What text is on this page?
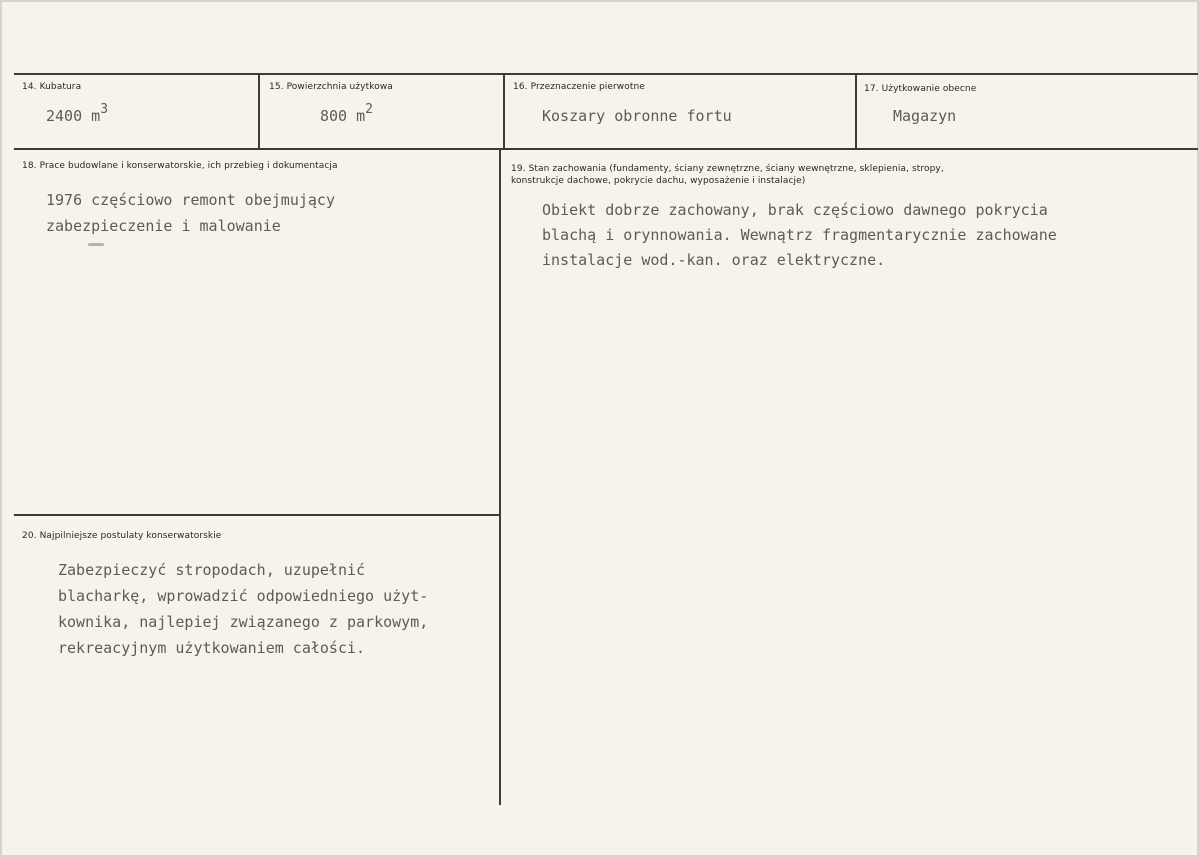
14. Kubatura
2400 m3
15. Powierzchnia użytkowa
800 m2
16. Przeznaczenie pierwotne
Koszary obronne fortu
17. Użytkowanie obecne
Magazyn
18. Prace budowlane i konserwatorskie, ich przebieg i dokumentacja
1976 częściowo remont obejmujący
zabezpieczenie i malowanie
19. Stan zachowania (fundamenty, ściany zewnętrzne, ściany wewnętrzne, sklepienia, stropy,
konstrukcje dachowe, pokrycie dachu, wyposażenie i instalacje)
Obiekt dobrze zachowany, brak częściowo dawnego pokrycia
blachą i orynnowania. Wewnątrz fragmentarycznie zachowane
instalacje wod.-kan. oraz elektryczne.
20. Najpilniejsze postulaty konserwatorskie
Zabezpieczyć stropodach, uzupełnić
blacharkę, wprowadzić odpowiedniego użyt-
kownika, najlepiej związanego z parkowym,
rekreacyjnym użytkowaniem całości.
